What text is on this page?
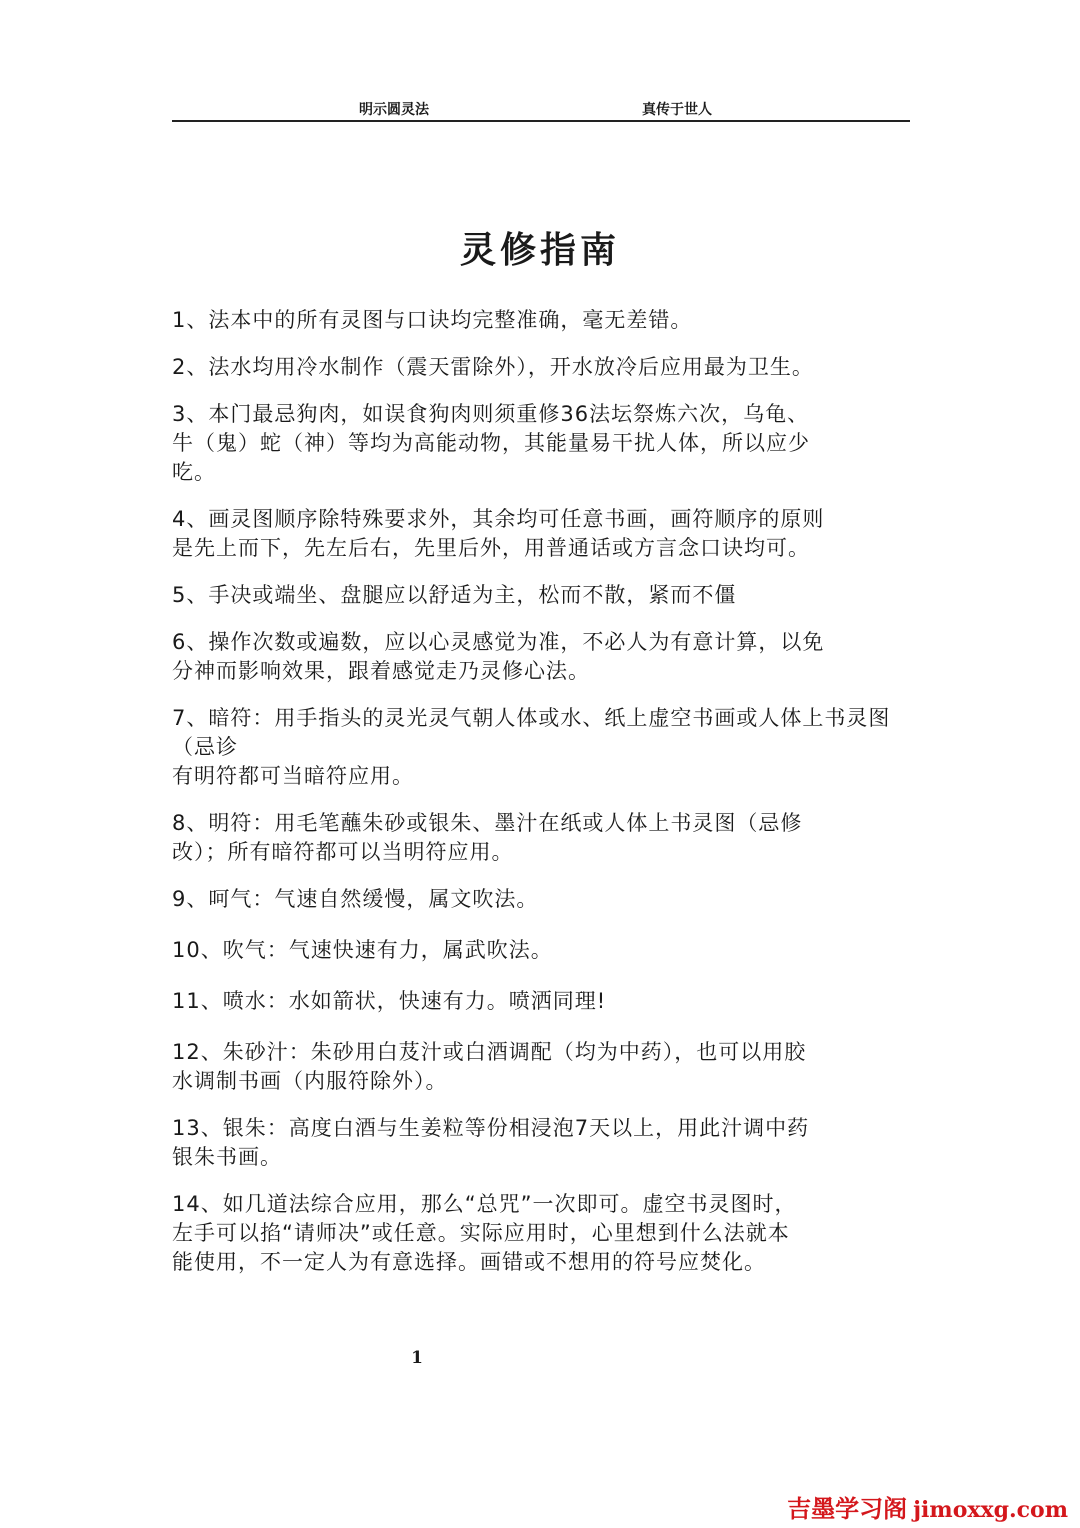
明示圆灵法	真传于世人
灵修指南
1、法本中的所有灵图与口诀均完整准确，毫无差错。
2、法水均用冷水制作（震天雷除外），开水放冷后应用最为卫生。
3、本门最忌狗肉，如误食狗肉则须重修36法坛祭炼六次，乌龟、
牛（鬼）蛇（神）等均为高能动物，其能量易干扰人体，所以应少
吃。
4、画灵图顺序除特殊要求外，其余均可任意书画，画符顺序的原则
是先上而下，先左后右，先里后外，用普通话或方言念口诀均可。
5、手决或端坐、盘腿应以舒适为主，松而不散，紧而不僵
6、操作次数或遍数，应以心灵感觉为准，不必人为有意计算，以免
分神而影响效果，跟着感觉走乃灵修心法。
7、暗符：用手指头的灵光灵气朝人体或水、纸上虚空书画或人体上书灵图（忌诊
有明符都可当暗符应用。
8、明符：用毛笔蘸朱砂或银朱、墨汁在纸或人体上书灵图（忌修
改）；所有暗符都可以当明符应用。
9、呵气：气速自然缓慢，属文吹法。
10、吹气：气速快速有力，属武吹法。
11、喷水：水如箭状，快速有力。喷洒同理!
12、朱砂汁：朱砂用白芨汁或白酒调配（均为中药），也可以用胶
水调制书画（内服符除外）。
13、银朱：高度白酒与生姜粒等份相浸泡7天以上，用此汁调中药
银朱书画。
14、如几道法综合应用，那么“总咒”一次即可。虚空书灵图时，
左手可以掐“请师决”或任意。实际应用时，心里想到什么法就本
能使用，不一定人为有意选择。画错或不想用的符号应焚化。
1
吉墨学习阁 jimoxxg.com
